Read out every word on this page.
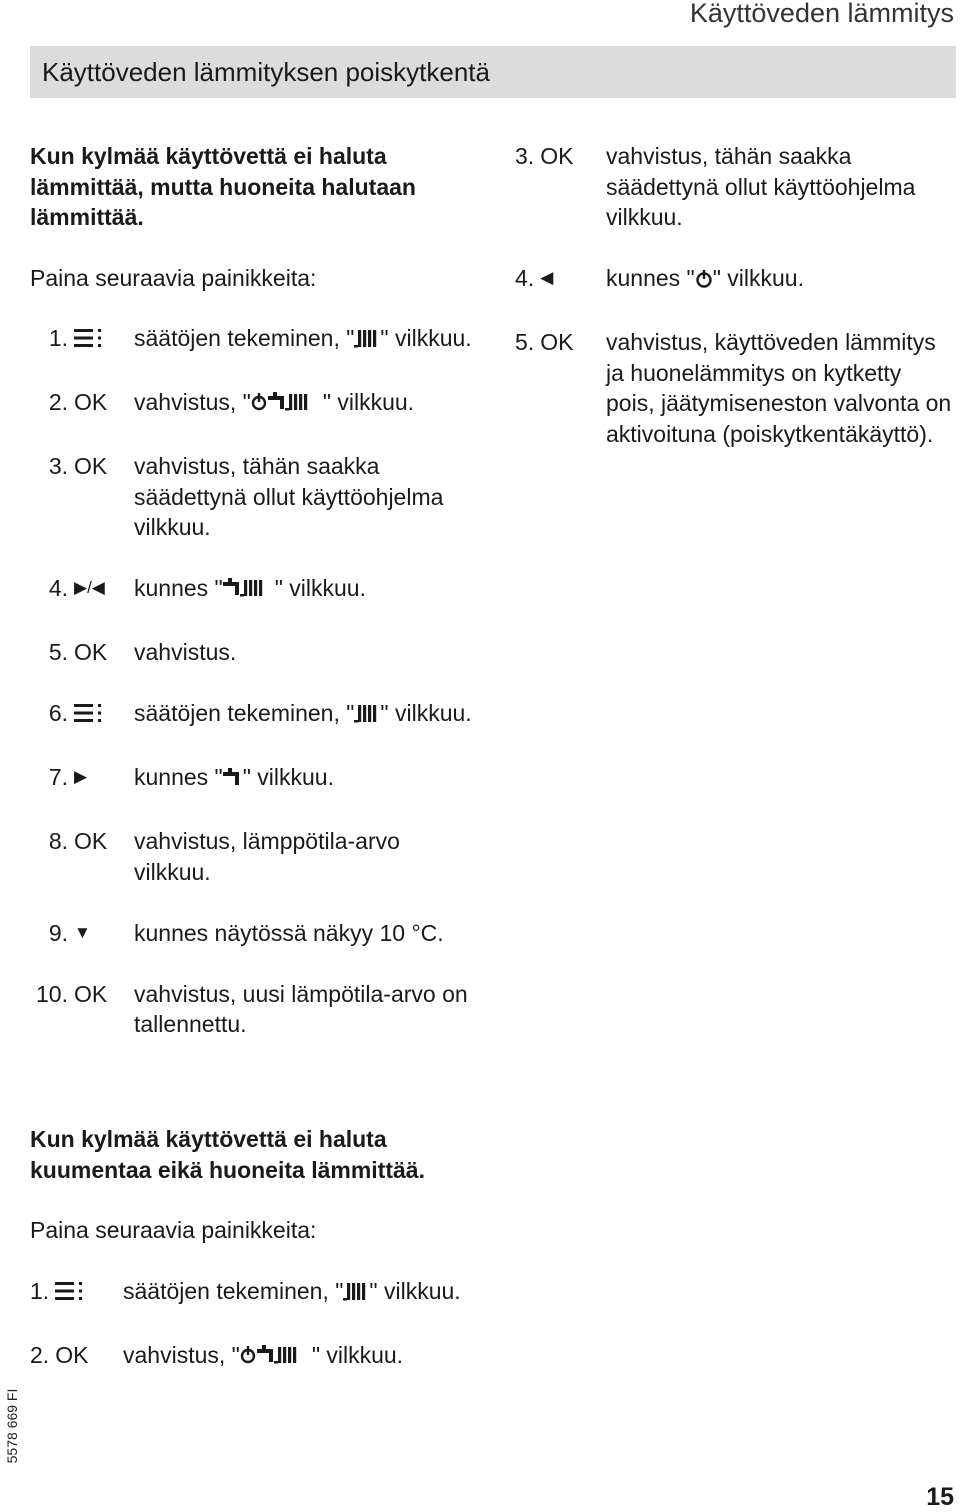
Käyttöveden lämmitys
Käyttöveden lämmityksen poiskytkentä

Kun kylmää käyttövettä ei haluta lämmittää, mutta huoneita halutaan lämmittää.

Paina seuraavia painikkeita:

1.	säätöjen tekeminen, " " vilkkuu.
2. OK vahvistus, "	" vilkkuu.
3. OK vahvistus, tähän saakka säädettynä ollut käyttöohjelma vilkkuu.
4. ▶/◀ kunnes " " vilkkuu.
5. OK vahvistus.
6.	säätöjen tekeminen, " " vilkkuu.
7. ▶ kunnes " " vilkkuu.
8. OK vahvistus, lämppötila-arvo vilkkuu.
9. ▼ kunnes näytössä näkyy 10 °C.
10. OK vahvistus, uusi lämpötila-arvo on tallennettu.

Kun kylmää käyttövettä ei haluta kuumentaa eikä huoneita lämmittää.

Paina seuraavia painikkeita:

1.	säätöjen tekeminen, " " vilkkuu.
2. OK vahvistus, "	" vilkkuu.
3. OK vahvistus, tähän saakka säädettynä ollut käyttöohjelma vilkkuu.
4. ◀ kunnes " " vilkkuu.
5. OK vahvistus, käyttöveden lämmitys ja huonelämmitys on kytketty pois, jäätymiseneston valvonta on aktivoituna (poiskytkentäkäyttö).
5578 669 FI
15
